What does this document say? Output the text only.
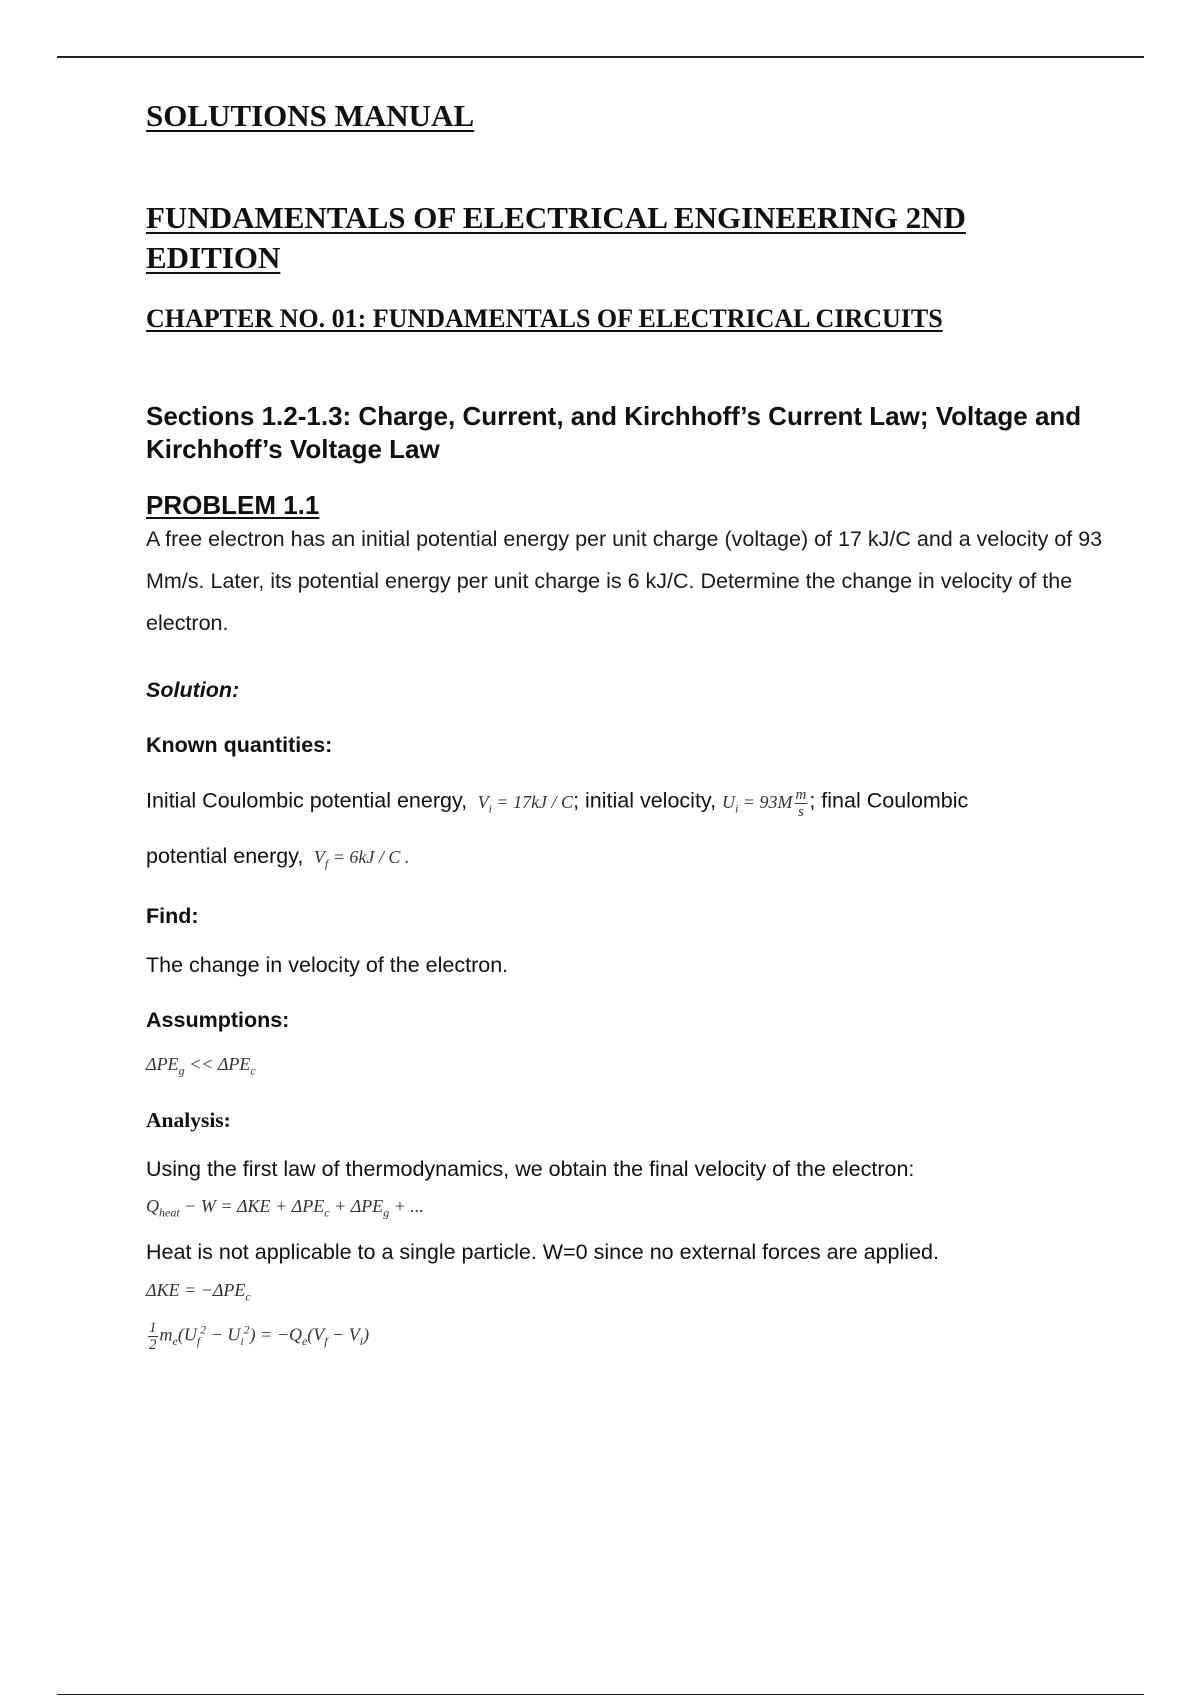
SOLUTIONS MANUAL
FUNDAMENTALS OF ELECTRICAL ENGINEERING 2ND EDITION
CHAPTER NO. 01: FUNDAMENTALS OF ELECTRICAL CIRCUITS
Sections 1.2-1.3: Charge, Current, and Kirchhoff’s Current Law; Voltage and Kirchhoff’s Voltage Law
PROBLEM 1.1
A free electron has an initial potential energy per unit charge (voltage) of 17 kJ/C and a velocity of 93 Mm/s. Later, its potential energy per unit charge is 6 kJ/C. Determine the change in velocity of the electron.
Solution:
Known quantities:
Initial Coulombic potential energy,  $V_i = 17kJ / C$; initial velocity, $U_i = 93M \frac{m}{s}$ ; final Coulombic
potential energy,  $V_f = 6kJ / C$ .
Find:
The change in velocity of the electron.
Assumptions:
$\Delta PE_g << \Delta PE_c$
Analysis:
Using the first law of thermodynamics, we obtain the final velocity of the electron:
$Q_{heat} - W = \Delta KE + \Delta PE_c + \Delta PE_g$ + ...
Heat is not applicable to a single particle. W=0 since no external forces are applied.
$\Delta KE = -\Delta PE_c$
$\frac{1}{2} m_e(U_f^2 - U_i^2) = -Q_e(V_f - V_i)$
